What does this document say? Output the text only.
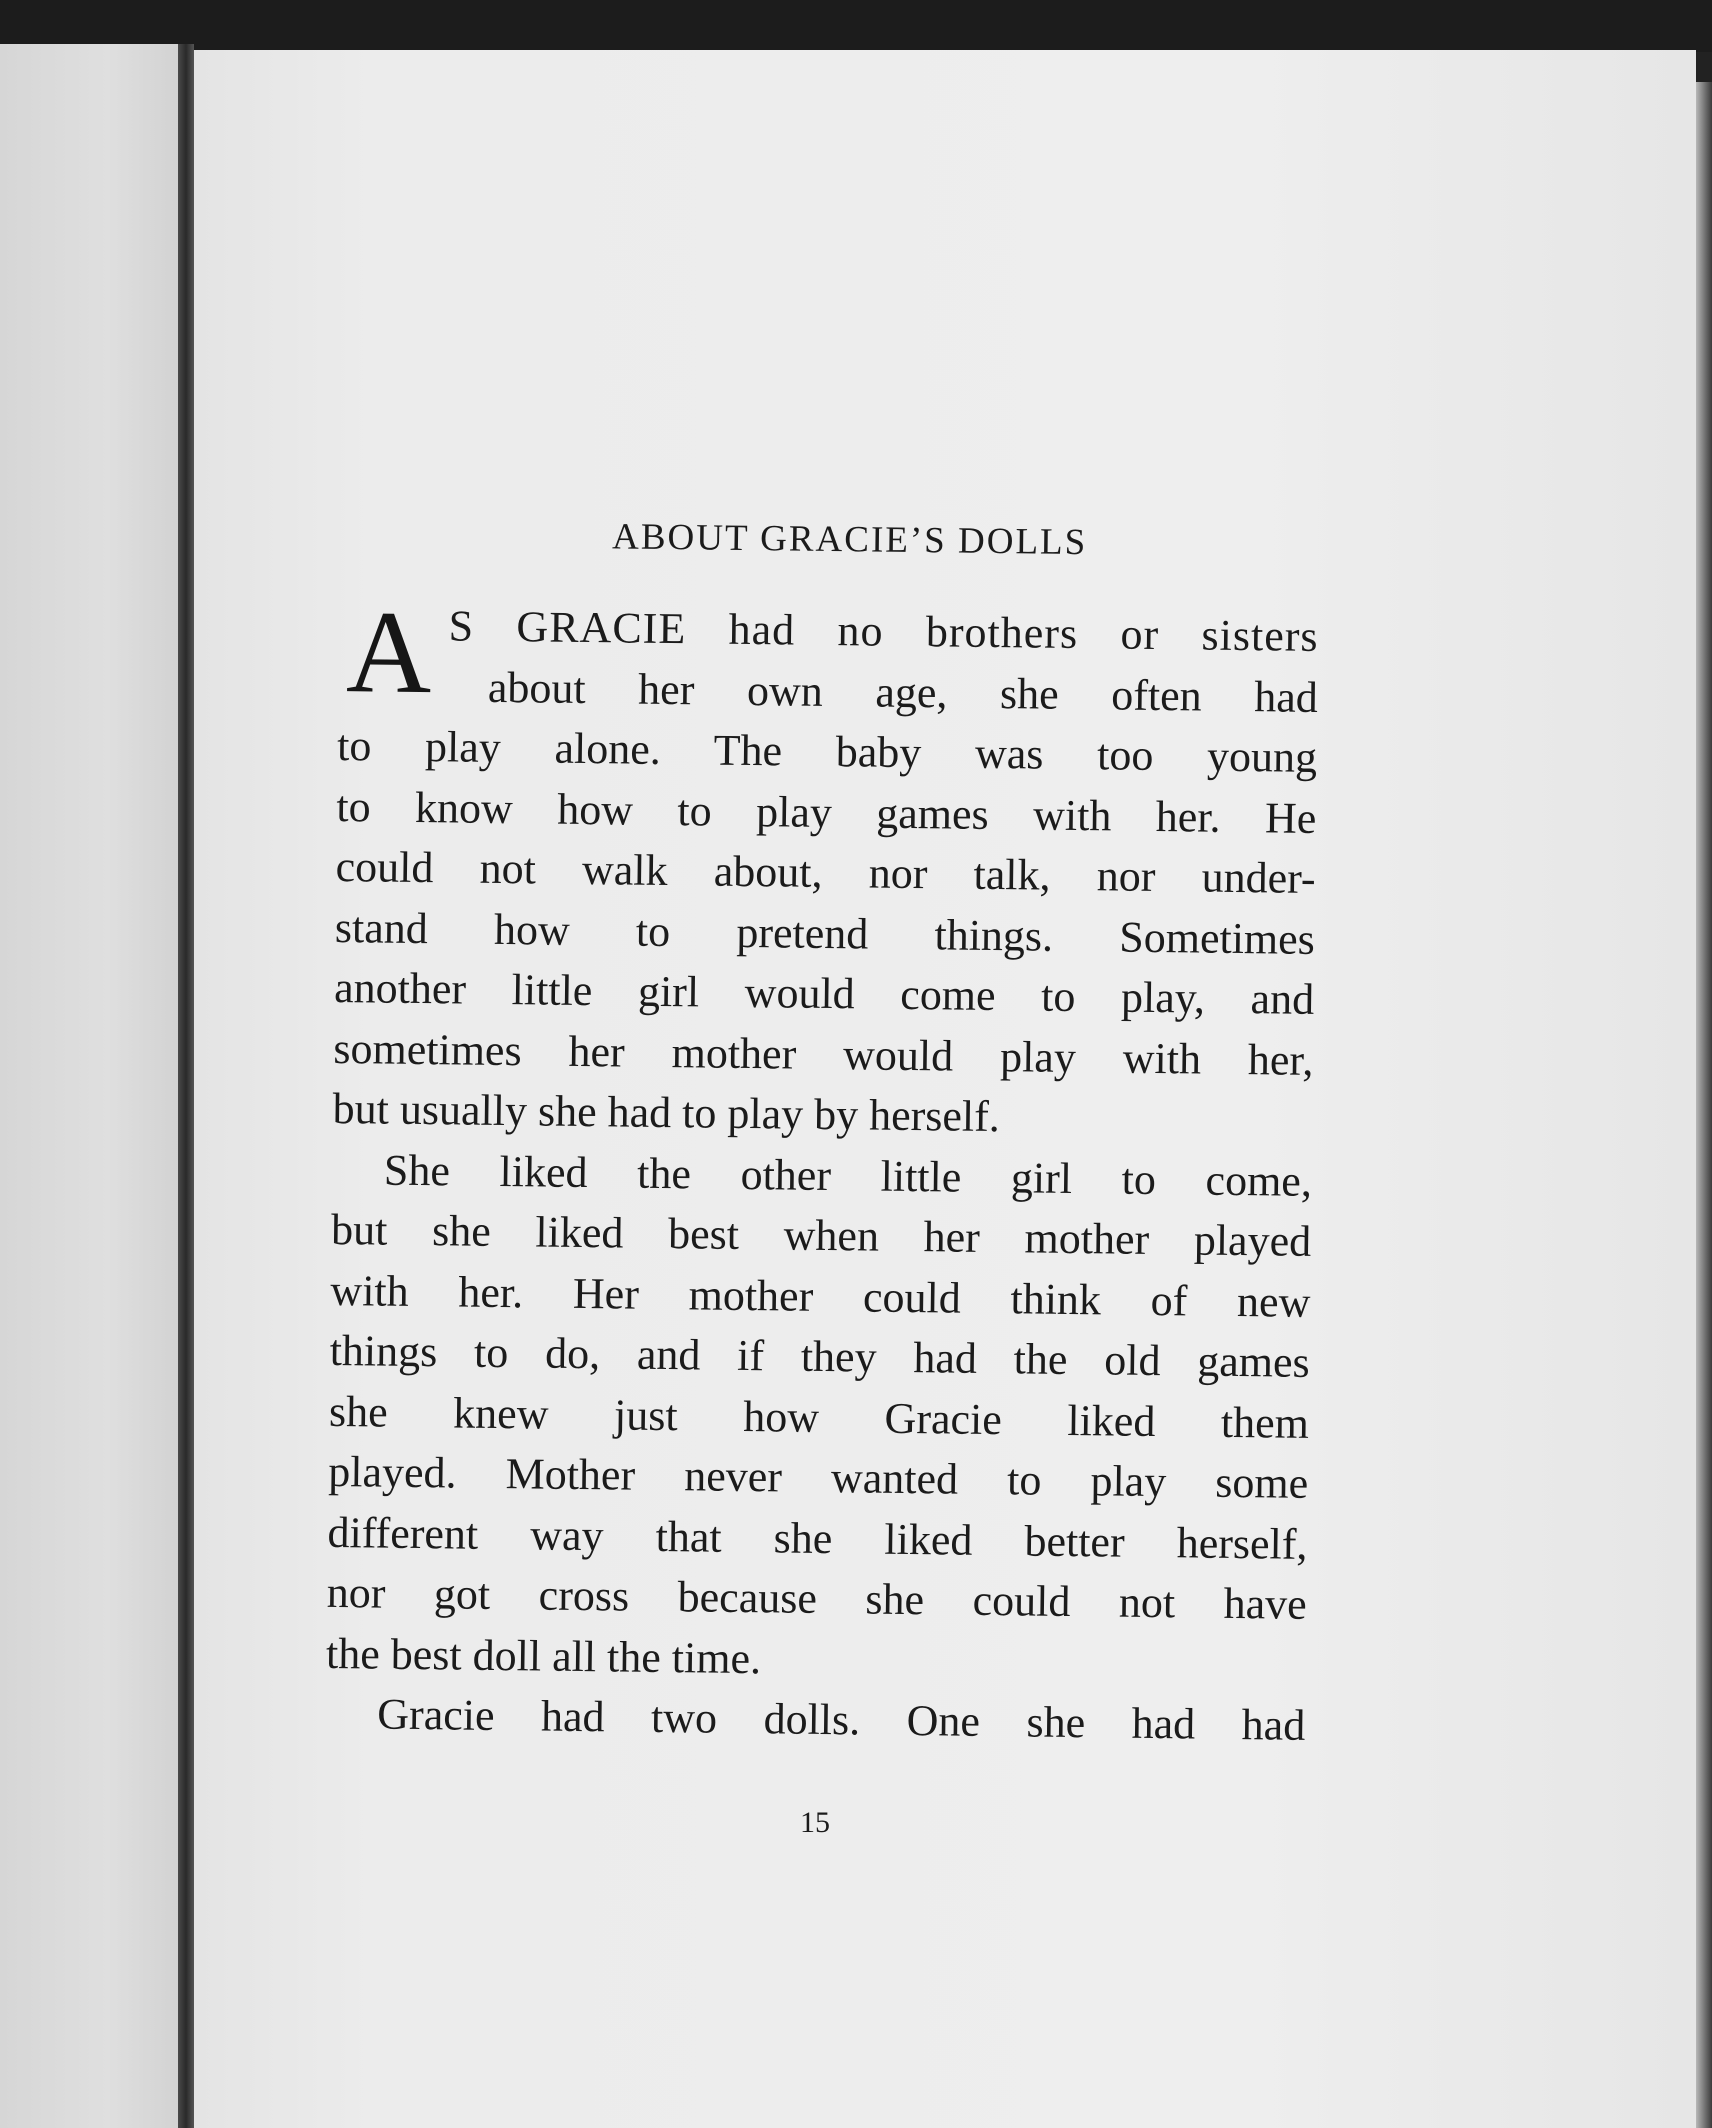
ABOUT GRACIE’S DOLLS
A S GRACIE had no brothers or sisters
about her own age, she often had
to play alone. The baby was too young
to know how to play games with her. He
could not walk about, nor talk, nor under-
stand how to pretend things. Sometimes
another little girl would come to play, and
sometimes her mother would play with her,
but usually she had to play by herself.
She liked the other little girl to come,
but she liked best when her mother played
with her. Her mother could think of new
things to do, and if they had the old games
she knew just how Gracie liked them
played. Mother never wanted to play some
different way that she liked better herself,
nor got cross because she could not have
the best doll all the time.
Gracie had two dolls. One she had had
15
